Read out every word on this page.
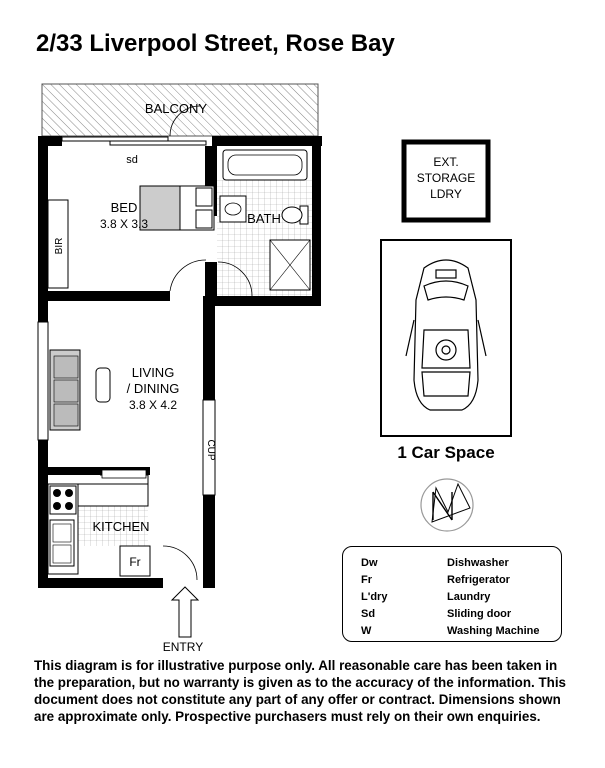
2/33 Liverpool Street, Rose Bay
BALCONY
sd
BED
3.8 X 3.3
BIR
BATH
LIVING
/ DINING
3.8 X 4.2
CUP
KITCHEN
Fr
ENTRY
EXT.
STORAGE
LDRY
1 Car Space
N
Dw	Dishwasher
Fr	Refrigerator
L'dry	Laundry
Sd	Sliding door
W	Washing Machine
This diagram is for illustrative purpose only. All reasonable care has been taken in the preparation, but no warranty is given as to the accuracy of the information. This document does not constitute any part of any offer or contract. Dimensions shown are approximate only. Prospective purchasers must rely on their own enquiries.
